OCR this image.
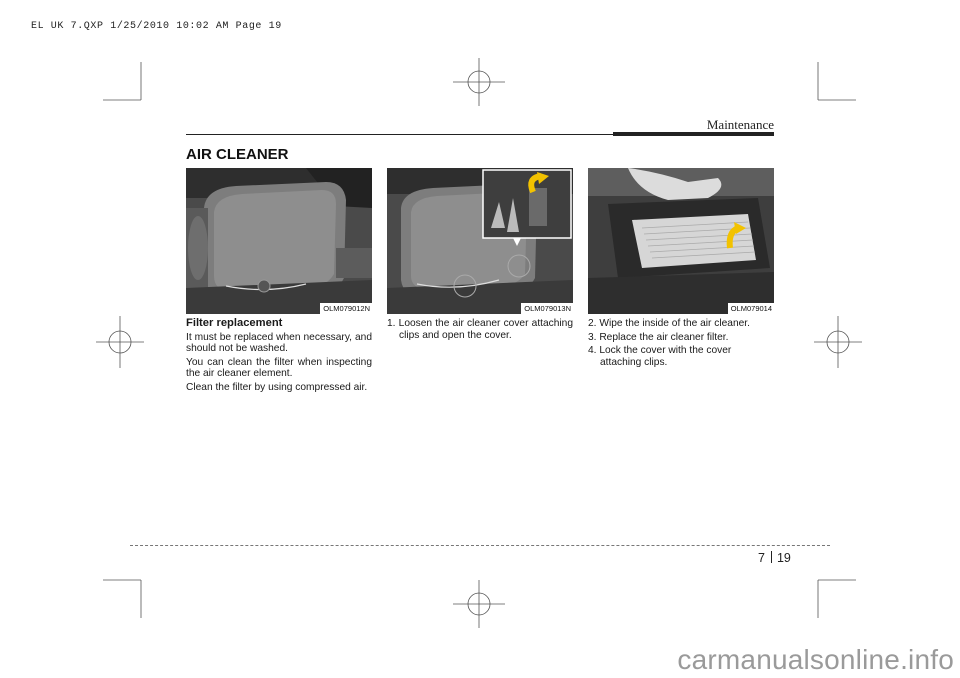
EL UK 7.QXP 1/25/2010 10:02 AM Page 19
Maintenance
AIR CLEANER
OLM079012N	OLM079013N	OLM079014

Filter replacement

It must be replaced when necessary, and should not be washed.

You can clean the filter when inspecting the air cleaner element.

Clean the filter by using compressed air.

1. Loosen the air cleaner cover attaching clips and open the cover.

2. Wipe the inside of the air cleaner.

3. Replace the air cleaner filter.

4. Lock the cover with the cover attaching clips.

7 19
carmanualsonline.info
